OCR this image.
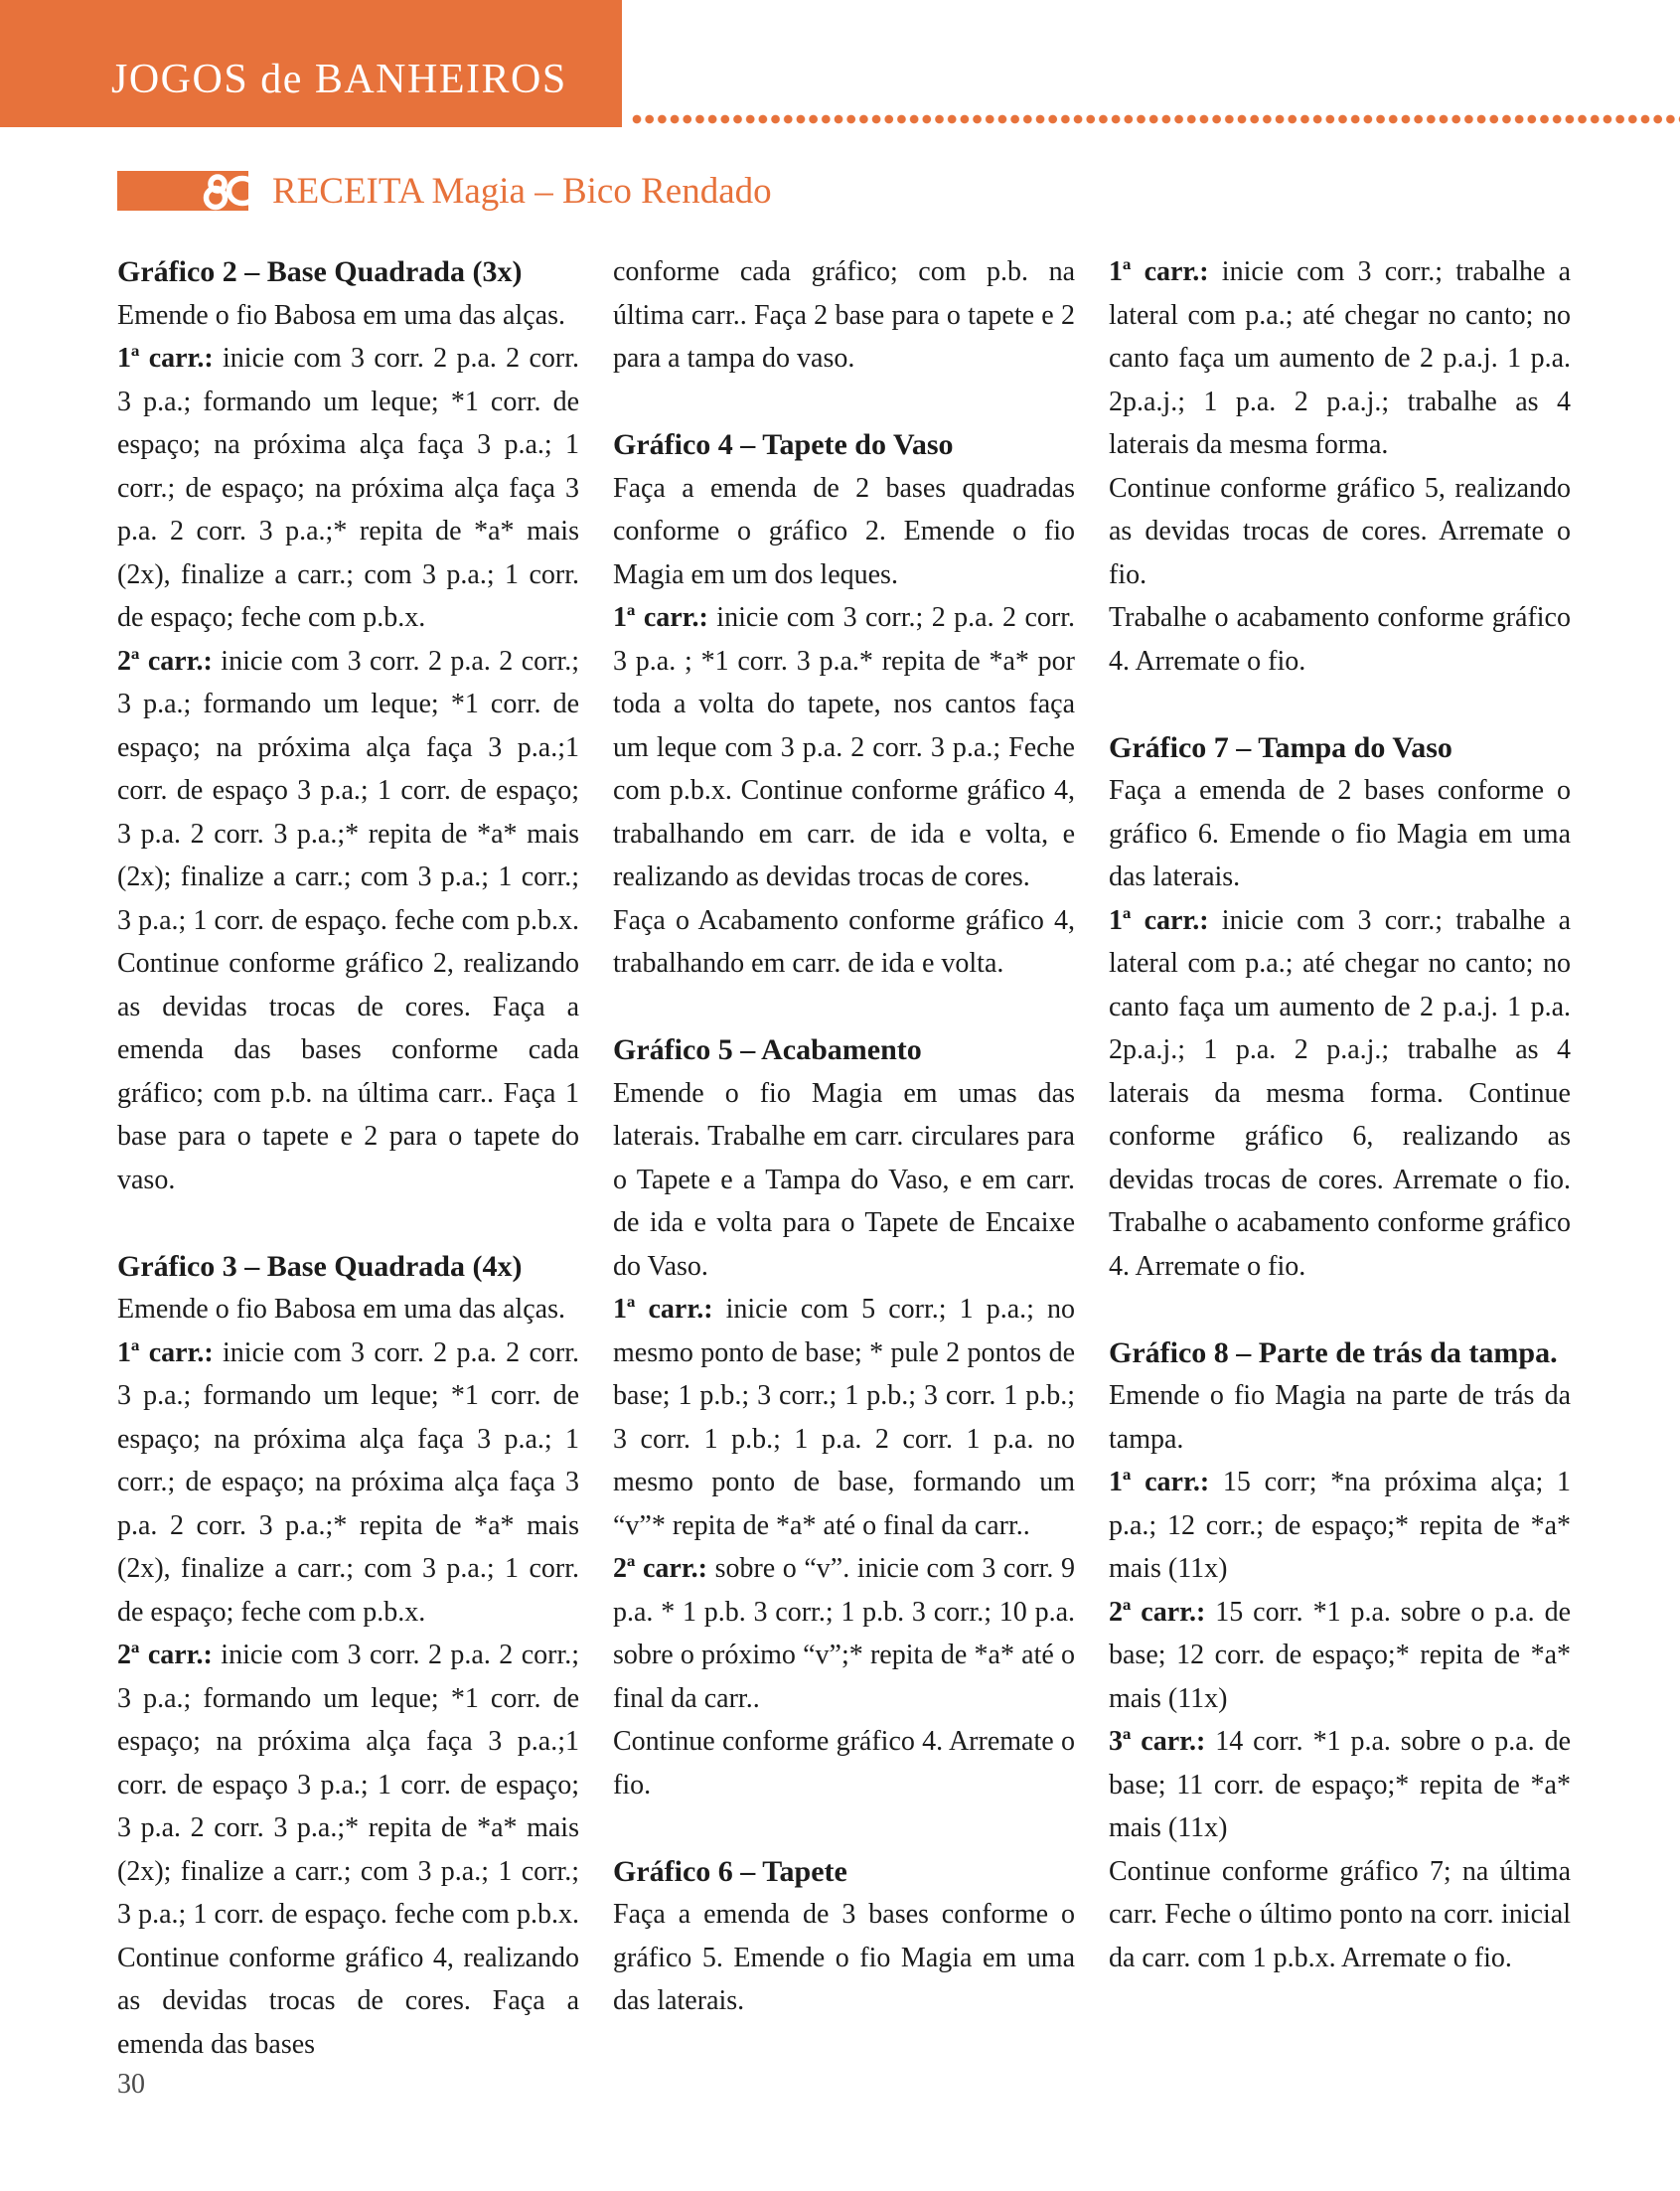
JOGOS de BANHEIROS
RECEITA Magia – Bico Rendado
Gráfico 2 – Base Quadrada (3x)
Emende o fio Babosa em uma das alças.
1ª carr.: inicie com 3 corr. 2 p.a. 2 corr. 3 p.a.; formando um leque; *1 corr. de espaço; na próxima alça faça 3 p.a.; 1 corr.; de espaço; na próxima alça faça 3 p.a. 2 corr. 3 p.a.;* repita de *a* mais (2x), finalize a carr.; com 3 p.a.; 1 corr. de espaço; feche com p.b.x.
2ª carr.: inicie com 3 corr. 2 p.a. 2 corr.; 3 p.a.; formando um leque; *1 corr. de espaço; na próxima alça faça 3 p.a.;1 corr. de espaço 3 p.a.; 1 corr. de espaço; 3 p.a. 2 corr. 3 p.a.;* repita de *a* mais (2x); finalize a carr.; com 3 p.a.; 1 corr.; 3 p.a.; 1 corr. de espaço. feche com p.b.x. Continue conforme gráfico 2, realizando as devidas trocas de cores. Faça a emenda das bases conforme cada gráfico; com p.b. na última carr.. Faça 1 base para o tapete e 2 para o tapete do vaso.
Gráfico 3 – Base Quadrada (4x)
Emende o fio Babosa em uma das alças.
1ª carr.: inicie com 3 corr. 2 p.a. 2 corr. 3 p.a.; formando um leque; *1 corr. de espaço; na próxima alça faça 3 p.a.; 1 corr.; de espaço; na próxima alça faça 3 p.a. 2 corr. 3 p.a.;* repita de *a* mais (2x), finalize a carr.; com 3 p.a.; 1 corr. de espaço; feche com p.b.x.
2ª carr.: inicie com 3 corr. 2 p.a. 2 corr.; 3 p.a.; formando um leque; *1 corr. de espaço; na próxima alça faça 3 p.a.;1 corr. de espaço 3 p.a.; 1 corr. de espaço; 3 p.a. 2 corr. 3 p.a.;* repita de *a* mais (2x); finalize a carr.; com 3 p.a.; 1 corr.; 3 p.a.; 1 corr. de espaço. feche com p.b.x. Continue conforme gráfico 4, realizando as devidas trocas de cores. Faça a emenda das bases
conforme cada gráfico; com p.b. na última carr.. Faça 2 base para o tapete e 2 para a tampa do vaso.
Gráfico 4 – Tapete do Vaso
Faça a emenda de 2 bases quadradas conforme o gráfico 2. Emende o fio Magia em um dos leques.
1ª carr.: inicie com 3 corr.; 2 p.a. 2 corr. 3 p.a. ; *1 corr. 3 p.a.* repita de *a* por toda a volta do tapete, nos cantos faça um leque com 3 p.a. 2 corr. 3 p.a.; Feche com p.b.x. Continue conforme gráfico 4, trabalhando em carr. de ida e volta, e realizando as devidas trocas de cores.
Faça o Acabamento conforme gráfico 4, trabalhando em carr. de ida e volta.
Gráfico 5 – Acabamento
Emende o fio Magia em umas das laterais. Trabalhe em carr. circulares para o Tapete e a Tampa do Vaso, e em carr. de ida e volta para o Tapete de Encaixe do Vaso.
1ª carr.: inicie com 5 corr.; 1 p.a.; no mesmo ponto de base; * pule 2 pontos de base; 1 p.b.; 3 corr.; 1 p.b.; 3 corr. 1 p.b.; 3 corr. 1 p.b.; 1 p.a. 2 corr. 1 p.a. no mesmo ponto de base, formando um “v”* repita de *a* até o final da carr..
2ª carr.: sobre o “v”. inicie com 3 corr. 9 p.a. * 1 p.b. 3 corr.; 1 p.b. 3 corr.; 10 p.a. sobre o próximo “v”;* repita de *a* até o final da carr..
Continue conforme gráfico 4. Arremate o fio.
Gráfico 6 – Tapete
Faça a emenda de 3 bases conforme o gráfico 5. Emende o fio Magia em uma das laterais.
1ª carr.: inicie com 3 corr.; trabalhe a lateral com p.a.; até chegar no canto; no canto faça um aumento de 2 p.a.j. 1 p.a. 2p.a.j.; 1 p.a. 2 p.a.j.; trabalhe as 4 laterais da mesma forma.
Continue conforme gráfico 5, realizando as devidas trocas de cores. Arremate o fio.
Trabalhe o acabamento conforme gráfico 4. Arremate o fio.
Gráfico 7 – Tampa do Vaso
Faça a emenda de 2 bases conforme o gráfico 6. Emende o fio Magia em uma das laterais.
1ª carr.: inicie com 3 corr.; trabalhe a lateral com p.a.; até chegar no canto; no canto faça um aumento de 2 p.a.j. 1 p.a. 2p.a.j.; 1 p.a. 2 p.a.j.; trabalhe as 4 laterais da mesma forma. Continue conforme gráfico 6, realizando as devidas trocas de cores. Arremate o fio. Trabalhe o acabamento conforme gráfico 4. Arremate o fio.
Gráfico 8 – Parte de trás da tampa.
Emende o fio Magia na parte de trás da tampa.
1ª carr.: 15 corr; *na próxima alça; 1 p.a.; 12 corr.; de espaço;* repita de *a* mais (11x)
2ª carr.: 15 corr. *1 p.a. sobre o p.a. de base; 12 corr. de espaço;* repita de *a* mais (11x)
3ª carr.: 14 corr. *1 p.a. sobre o p.a. de base; 11 corr. de espaço;* repita de *a* mais (11x)
Continue conforme gráfico 7; na última carr. Feche o último ponto na corr. inicial da carr. com 1 p.b.x. Arremate o fio.
30
